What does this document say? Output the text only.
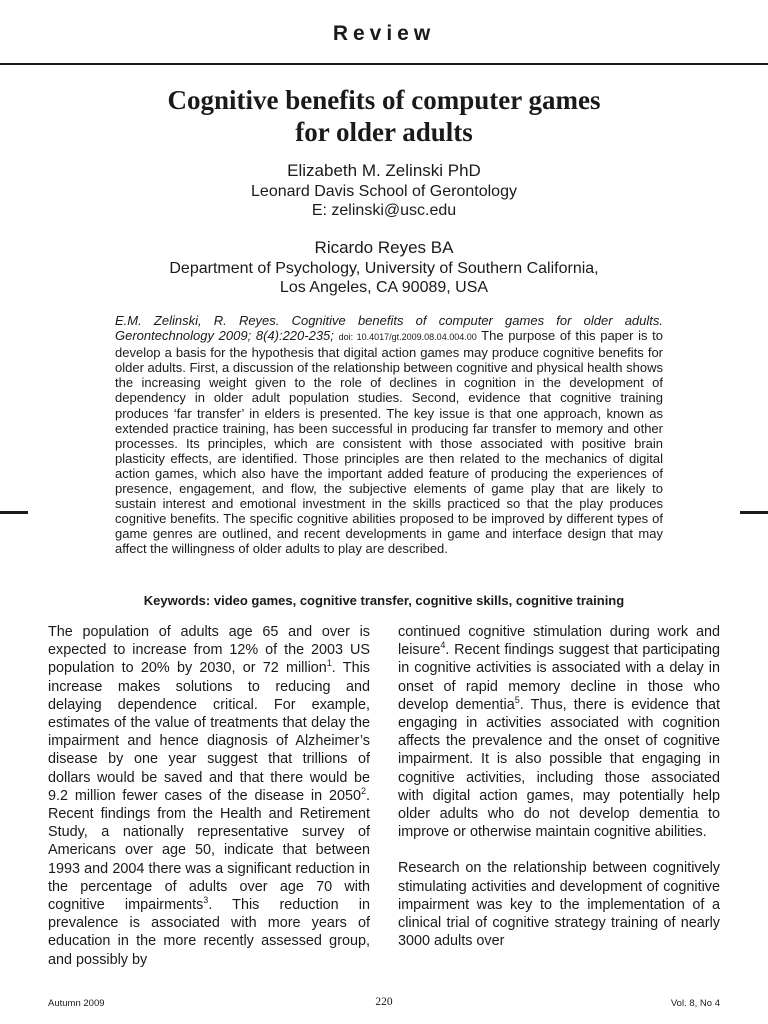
Review
Cognitive benefits of computer games
for older adults
Elizabeth M. Zelinski PhD
Leonard Davis School of Gerontology
E: zelinski@usc.edu
Ricardo Reyes BA
Department of Psychology, University of Southern California,
Los Angeles, CA 90089, USA

E.M. Zelinski, R. Reyes. Cognitive benefits of computer games for older adults. Gerontechnology 2009; 8(4):220-235; doi: 10.4017/gt.2009.08.04.004.00 The purpose of this paper is to develop a basis for the hypothesis that digital action games may produce cognitive benefits for older adults. First, a discussion of the relationship between cognitive and physical health shows the increasing weight given to the role of declines in cognition in the development of dependency in older adult population studies. Second, evidence that cognitive training produces ‘far transfer’ in elders is presented. The key issue is that one approach, known as extended practice training, has been successful in producing far transfer to memory and other processes. Its principles, which are consistent with those associated with positive brain plasticity effects, are identified. Those principles are then related to the mechanics of digital action games, which also have the important added feature of producing the experiences of presence, engagement, and flow, the subjective elements of game play that are likely to sustain interest and emotional investment in the skills practiced so that the play produces cognitive benefits. The specific cognitive abilities proposed to be improved by different types of game genres are outlined, and recent developments in game and interface design that may affect the willingness of older adults to play are described.

Keywords: video games, cognitive transfer, cognitive skills, cognitive training

The population of adults age 65 and over is expected to increase from 12% of the 2003 US population to 20% by 2030, or 72 million$^1$. This increase makes solutions to reducing and delaying dependence critical. For example, estimates of the value of treatments that delay the impairment and hence diagnosis of Alzheimer’s disease by one year suggest that trillions of dollars would be saved and that there would be 9.2 million fewer cases of the disease in 2050$^2$. Recent findings from the Health and Retirement Study, a nationally representative survey of Americans over age 50, indicate that between 1993 and 2004 there was a significant reduction in the percentage of adults over age 70 with cognitive impairments$^3$. This reduction in prevalence is associated with more years of education in the more recently assessed group, and possibly by

continued cognitive stimulation during work and leisure$^4$. Recent findings suggest that participating in cognitive activities is associated with a delay in onset of rapid memory decline in those who develop dementia$^5$. Thus, there is evidence that engaging in activities associated with cognition affects the prevalence and the onset of cognitive impairment. It is also possible that engaging in cognitive activities, including those associated with digital action games, may potentially help older adults who do not develop dementia to improve or otherwise maintain cognitive abilities.

Research on the relationship between cognitively stimulating activities and development of cognitive impairment was key to the implementation of a clinical trial of cognitive strategy training of nearly 3000 adults over

Autumn 2009	220	Vol. 8, No 4
